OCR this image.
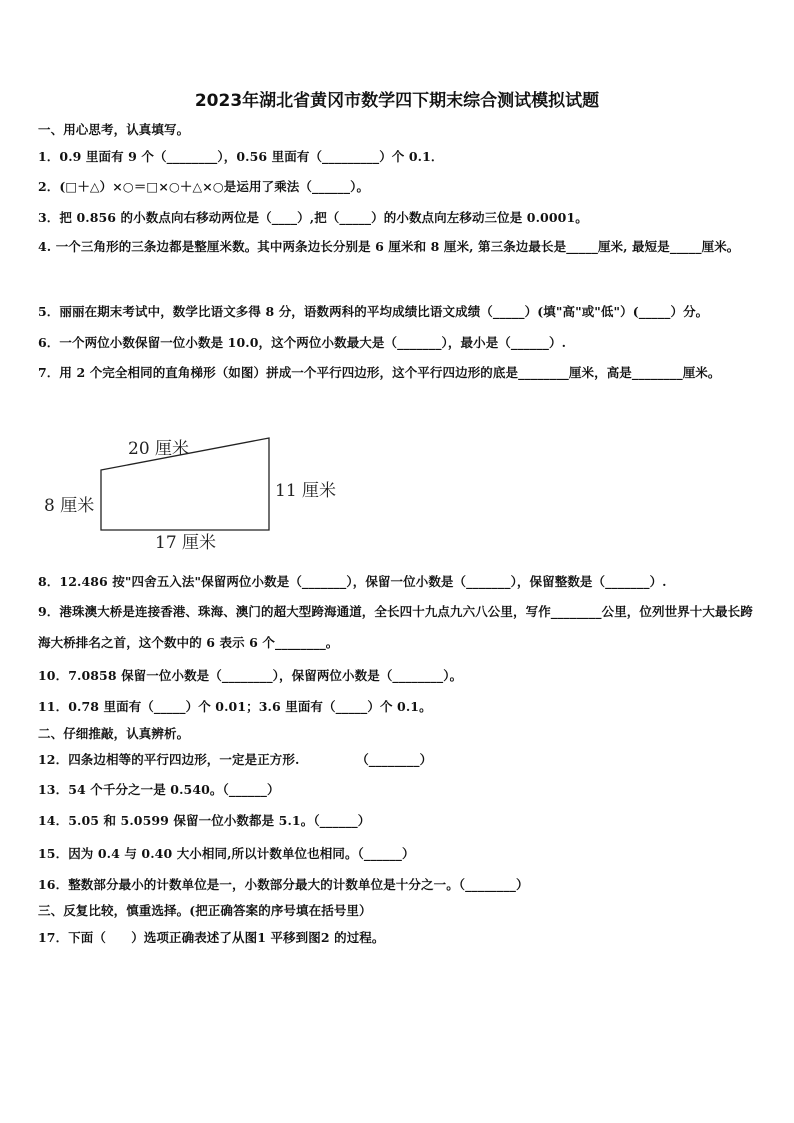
2023年湖北省黄冈市数学四下期末综合测试模拟试题
一、用心思考，认真填写。
1．0.9 里面有 9 个（________），0.56 里面有（_________）个 0.1．
2．(□＋△）×○＝□×○＋△×○是运用了乘法（______）。
3．把 0.856 的小数点向右移动两位是（____）,把（_____）的小数点向左移动三位是 0.0001。
4. 一个三角形的三条边都是整厘米数。其中两条边长分别是 6 厘米和 8 厘米, 第三条边最长是_____厘米, 最短是_____厘米。
5．丽丽在期末考试中，数学比语文多得 8 分，语数两科的平均成绩比语文成绩（_____）(填"高"或"低"）(_____）分。
6．一个两位小数保留一位小数是 10.0，这个两位小数最大是（_______），最小是（______）.
7．用 2 个完全相同的直角梯形（如图）拼成一个平行四边形，这个平行四边形的底是________厘米，高是________厘米。
20 厘米
8 厘米
11 厘米
17 厘米
8．12.486 按"四舍五入法"保留两位小数是（_______），保留一位小数是（_______），保留整数是（_______）.
9．港珠澳大桥是连接香港、珠海、澳门的超大型跨海通道，全长四十九点九六八公里，写作________公里，位列世界十大最长跨海大桥排名之首，这个数中的 6 表示 6 个________。
10．7.0858 保留一位小数是（________），保留两位小数是（________）。
11．0.78 里面有（_____）个 0.01；3.6 里面有（_____）个 0.1。
二、仔细推敲，认真辨析。
12．四条边相等的平行四边形，一定是正方形.　　　　　（________）
13．54 个千分之一是 0.540。（______）
14．5.05 和 5.0599 保留一位小数都是 5.1。（______）
15．因为 0.4 与 0.40 大小相同,所以计数单位也相同。（______）
16．整数部分最小的计数单位是一，小数部分最大的计数单位是十分之一。（________）
三、反复比较，慎重选择。(把正确答案的序号填在括号里）
17．下面（　　）选项正确表述了从图1 平移到图2 的过程。
